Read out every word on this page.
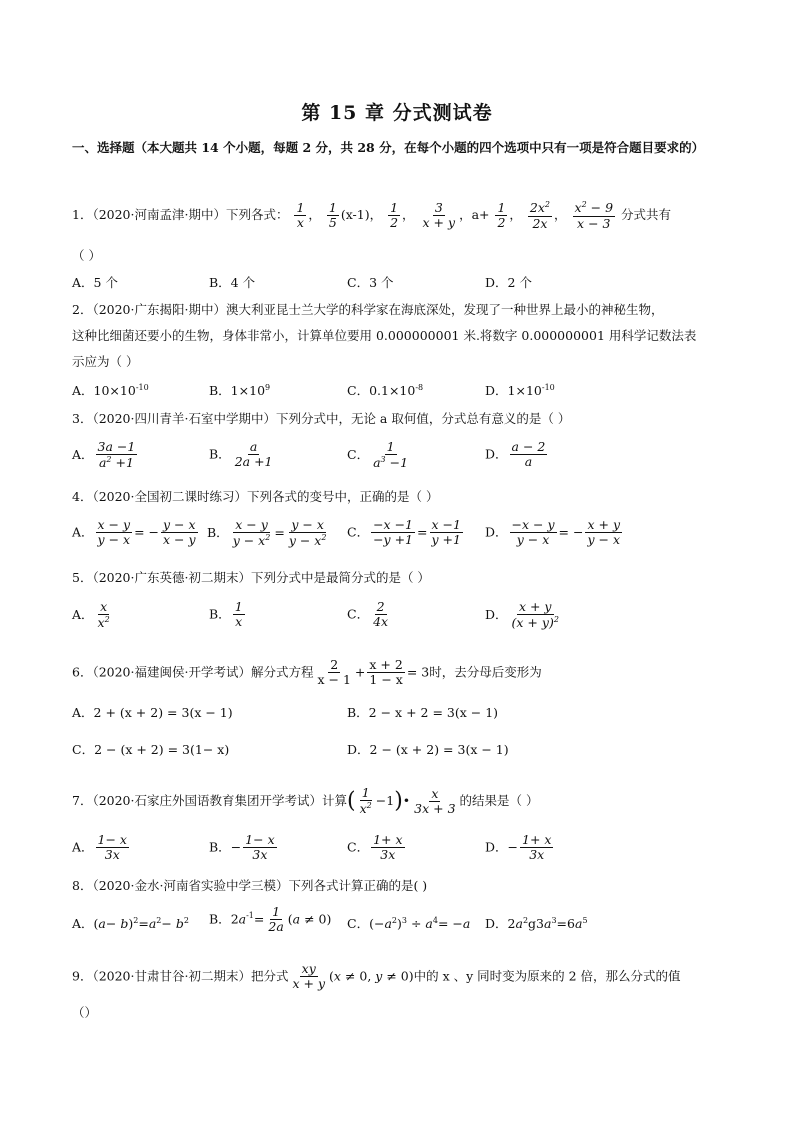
第 15 章 分式测试卷
一、选择题（本大题共 14 个小题，每题 2 分，共 28 分，在每个小题的四个选项中只有一项是符合题目要求的）
1．（2020·河南孟津·期中）下列各式： $\frac{1}{x}$ ， $\frac{1}{5} (x-1)$， $\frac{1}{2}$ ， $\frac{3}{x + y}$ ，$a+ \frac{1}{2}$ ， $\frac{2x^2}{2x}$ ， $\frac{x^2 - 9}{x - 3}$ 分式共有
（ ）
A．5 个	B．4 个	C．3 个	D．2 个
2．（2020·广东揭阳·期中）澳大利亚昆士兰大学的科学家在海底深处，发现了一种世界上最小的神秘生物，
这种比细菌还要小的生物，身体非常小，计算单位要用 0.000000001 米.将数字 0.000000001 用科学记数法表
示应为（ ）
A．$10\times 10^{-10}$	B．$1\times 10^9$	C．$0.1\times 10^{-8}$	D．$1\times 10^{-10}$
3．（2020·四川青羊·石室中学期中）下列分式中，无论 a 取何值，分式总有意义的是（ ）
A． $\frac{3a -1}{a^2 +1}$	B． $\frac{a}{2a +1}$	C． $\frac{1}{a^3 -1}$	D． $\frac{a - 2}{a}$
4．（2020·全国初二课时练习）下列各式的变号中，正确的是（ ）
A． $\frac{x - y}{y - x}$ = − $\frac{y - x}{x - y}$ B． $\frac{x - y}{y - x^2} = \frac{y - x}{y - x^2}$ C． $\frac{-x -1}{-y +1} = \frac{x -1}{y +1}$ D． $\frac{-x - y}{y - x}$ = − $\frac{x + y}{y - x}$
5．（2020·广东英德·初二期末）下列分式中是最简分式的是（ ）
A． $\frac{x}{x^2}$	B． $\frac{1}{x}$	C． $\frac{2}{4x}$	D． $\frac{x + y}{(x + y)^2}$
6．（2020·福建闽侯·开学考试）解分式方程 $\frac{2}{x - 1} + \frac{x + 2}{1 - x} = 3$时，去分母后变形为
A．2 + (x + 2) = 3(x − 1)	B．2 − x + 2 = 3(x − 1)
C．2 − (x + 2) = 3(1− x)	D．2 − (x + 2) = 3(x − 1)
7．（2020·石家庄外国语教育集团开学考试）计算( $\frac{1}{x^2}$ −1)• $\frac{x}{3x + 3}$ 的结果是（ ）
A． $\frac{1- x}{3x}$	B．− $\frac{1- x}{3x}$	C． $\frac{1+ x}{3x}$	D．− $\frac{1+ x}{3x}$
8．（2020·金水·河南省实验中学三模）下列各式计算正确的是( )
A．$(a- b)^2=a^2- b^2$ B．$2a^{-1}= \frac{1}{2a} (a \ne 0)$ C．$(-a^2)^3 \div a^4= -a$ D．$2a^2g3a^3=6a^5$
9．（2020·甘肃甘谷·初二期末）把分式 $\frac{xy}{x + y} (x \ne 0$, y ≠ 0)中的 x 、y 同时变为原来的 2 倍，那么分式的值
（）
